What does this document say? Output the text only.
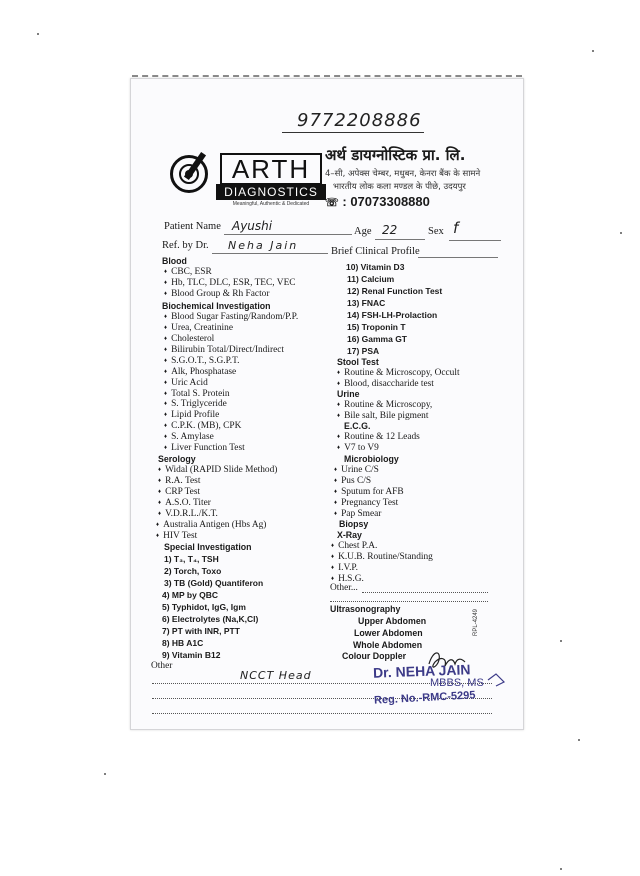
9772208886
ARTH
DIAGNOSTICS
Meaningful, Authentic & Dedicated
अर्थ डायग्नोस्टिक प्रा. लि.
4–सी, अपेक्स चेम्बर, मधुबन, केनरा बैंक के सामने
भारतीय लोक कला मण्डल के पीछे, उदयपुर
☏ : 07073308880
Patient Name Ayushi	Age 22	Sex f
Ref. by Dr. Neha Jain	Brief Clinical Profile
Blood
♦ CBC, ESR
♦ Hb, TLC, DLC, ESR, TEC, VEC
♦ Blood Group & Rh Factor
Biochemical Investigation
♦ Blood Sugar Fasting/Random/P.P.
♦ Urea, Creatinine
♦ Cholesterol
♦ Bilirubin Total/Direct/Indirect
♦ S.G.O.T., S.G.P.T.
♦ Alk, Phosphatase
♦ Uric Acid
♦ Total S. Protein
♦ S. Triglyceride
♦ Lipid Profile
♦ C.P.K. (MB), CPK
♦ S. Amylase
♦ Liver Function Test
Serology
♦ Widal (RAPID Slide Method)
♦ R.A. Test
♦ CRP Test
♦ A.S.O. Titer
♦ V.D.R.L./K.T.
♦ Australia Antigen (Hbs Ag)
♦ HIV Test
Special Investigation
1) T₃, T₄, TSH
2) Torch, Toxo
3) TB (Gold) Quantiferon
4) MP by QBC
5) Typhidot, IgG, Igm
6) Electrolytes (Na,K,Cl)
7) PT with INR, PTT
8) HB A1C
9) Vitamin B12
Other
NCCT Head
10) Vitamin D3
11) Calcium
12) Renal Function Test
13) FNAC
14) FSH-LH-Prolaction
15) Troponin T
16) Gamma GT
17) PSA
Stool Test
♦ Routine & Microscopy, Occult
♦ Blood, disaccharide test
Urine
♦ Routine & Microscopy,
♦ Bile salt, Bile pigment
E.C.G.
♦ Routine & 12 Leads
♦ V7 to V9
Microbiology
♦ Urine C/S
♦ Pus C/S
♦ Sputum for AFB
♦ Pregnancy Test
♦ Pap Smear
Biopsy
X-Ray
♦ Chest P.A.
♦ K.U.B. Routine/Standing
♦ I.V.P.
♦ H.S.G.
Other...
Ultrasonography
Upper Abdomen
Lower Abdomen
Whole Abdomen
Colour Doppler
Dr. NEHA JAIN
MBBS, MS
Reg. No.-RMC-5295
RPL-4249
